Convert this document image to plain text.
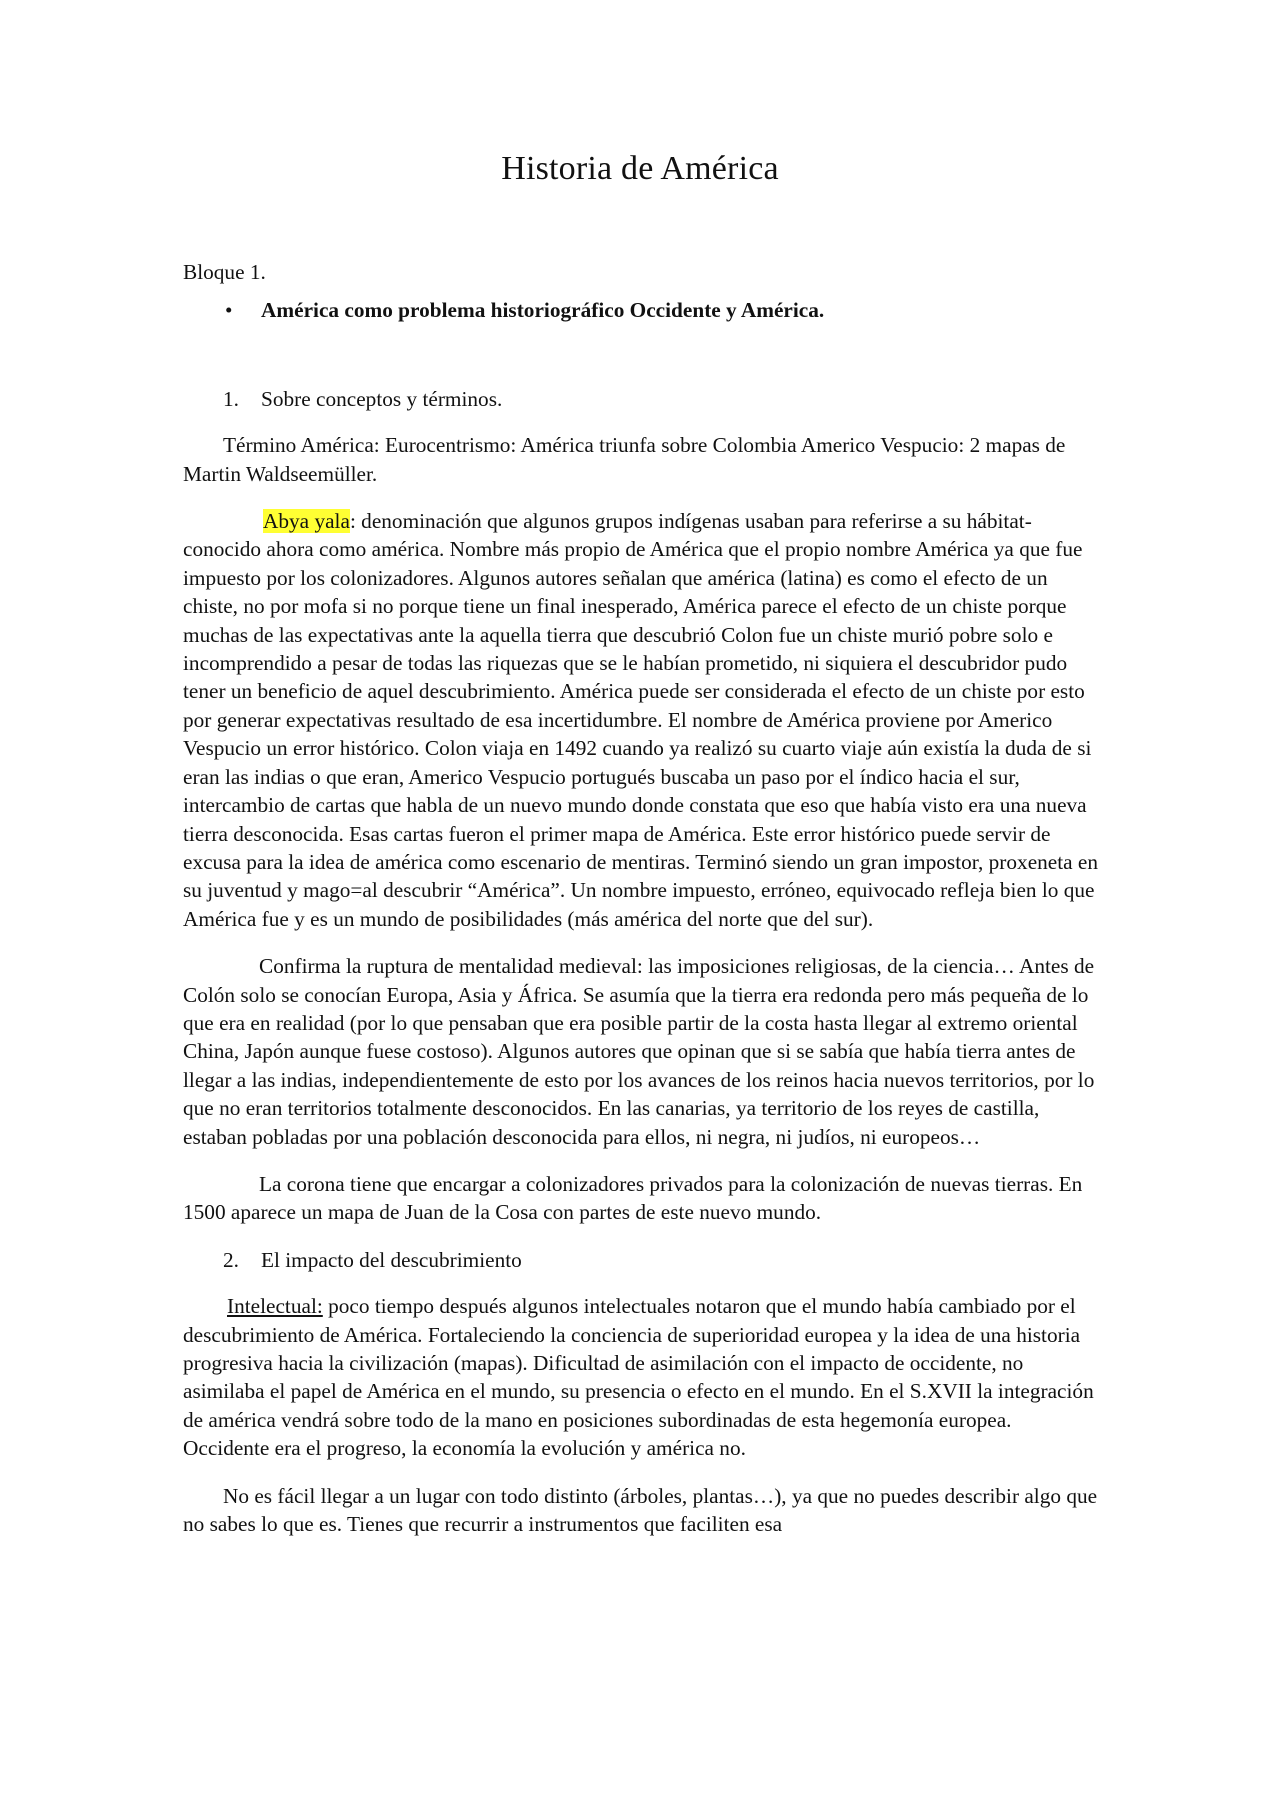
Historia de América

Bloque 1.

• América como problema historiográfico Occidente y América.

1. Sobre conceptos y términos.

Término América: Eurocentrismo: América triunfa sobre Colombia Americo Vespucio: 2 mapas de Martin Waldseemüller.

Abya yala: denominación que algunos grupos indígenas usaban para referirse a su hábitat-conocido ahora como américa. Nombre más propio de América que el propio nombre América ya que fue impuesto por los colonizadores. Algunos autores señalan que américa (latina) es como el efecto de un chiste, no por mofa si no porque tiene un final inesperado, América parece el efecto de un chiste porque muchas de las expectativas ante la aquella tierra que descubrió Colon fue un chiste murió pobre solo e incomprendido a pesar de todas las riquezas que se le habían prometido, ni siquiera el descubridor pudo tener un beneficio de aquel descubrimiento. América puede ser considerada el efecto de un chiste por esto por generar expectativas resultado de esa incertidumbre. El nombre de América proviene por Americo Vespucio un error histórico. Colon viaja en 1492 cuando ya realizó su cuarto viaje aún existía la duda de si eran las indias o que eran, Americo Vespucio portugués buscaba un paso por el índico hacia el sur, intercambio de cartas que habla de un nuevo mundo donde constata que eso que había visto era una nueva tierra desconocida. Esas cartas fueron el primer mapa de América. Este error histórico puede servir de excusa para la idea de américa como escenario de mentiras. Terminó siendo un gran impostor, proxeneta en su juventud y mago=al descubrir “América”. Un nombre impuesto, erróneo, equivocado refleja bien lo que América fue y es un mundo de posibilidades (más américa del norte que del sur).

Confirma la ruptura de mentalidad medieval: las imposiciones religiosas, de la ciencia… Antes de Colón solo se conocían Europa, Asia y África. Se asumía que la tierra era redonda pero más pequeña de lo que era en realidad (por lo que pensaban que era posible partir de la costa hasta llegar al extremo oriental China, Japón aunque fuese costoso). Algunos autores que opinan que si se sabía que había tierra antes de llegar a las indias, independientemente de esto por los avances de los reinos hacia nuevos territorios, por lo que no eran territorios totalmente desconocidos. En las canarias, ya territorio de los reyes de castilla, estaban pobladas por una población desconocida para ellos, ni negra, ni judíos, ni europeos…

La corona tiene que encargar a colonizadores privados para la colonización de nuevas tierras. En 1500 aparece un mapa de Juan de la Cosa con partes de este nuevo mundo.

2. El impacto del descubrimiento

Intelectual: poco tiempo después algunos intelectuales notaron que el mundo había cambiado por el descubrimiento de América. Fortaleciendo la conciencia de superioridad europea y la idea de una historia progresiva hacia la civilización (mapas). Dificultad de asimilación con el impacto de occidente, no asimilaba el papel de América en el mundo, su presencia o efecto en el mundo. En el S.XVII la integración de américa vendrá sobre todo de la mano en posiciones subordinadas de esta hegemonía europea. Occidente era el progreso, la economía la evolución y américa no.

No es fácil llegar a un lugar con todo distinto (árboles, plantas…), ya que no puedes describir algo que no sabes lo que es. Tienes que recurrir a instrumentos que faciliten esa
